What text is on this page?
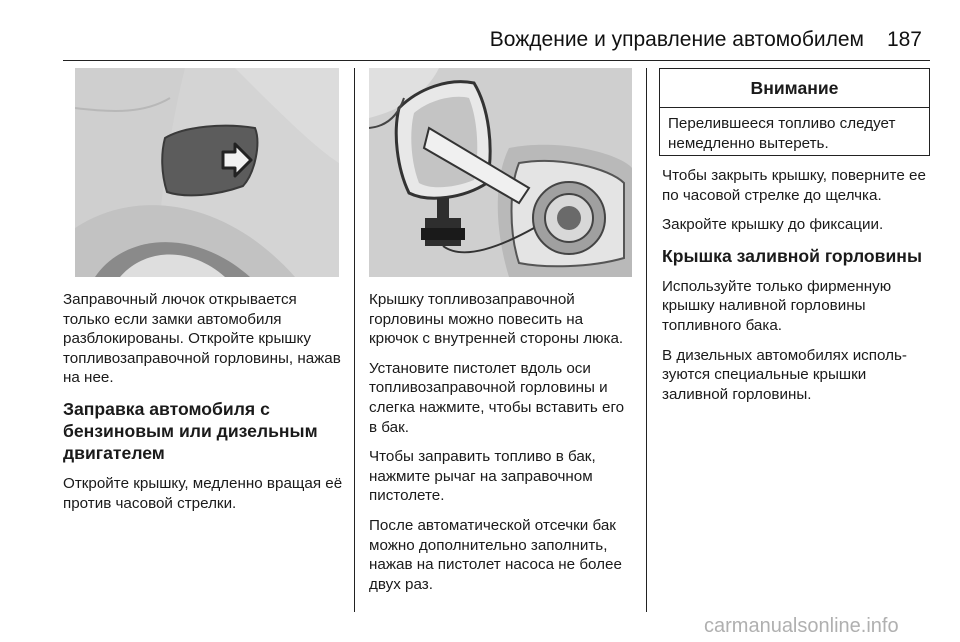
Вождение и управление автомобилем 187

Заправочный лючок открывается только если замки автомобиля разблокированы. Откройте крышку топливозаправочной горловины, нажав на нее.

Заправка автомобиля с бензиновым или дизельным двигателем

Откройте крышку, медленно вращая её против часовой стрелки.

Крышку топливозаправочной горловины можно повесить на крючок с внутренней стороны люка.

Установите пистолет вдоль оси топливозаправочной горловины и слегка нажмите, чтобы вставить его в бак.

Чтобы заправить топливо в бак, нажмите рычаг на заправочном пистолете.

После автоматической отсечки бак можно дополнительно заполнить, нажав на пистолет насоса не более двух раз.

Внимание
Перелившееся топливо следует немедленно вытереть.

Чтобы закрыть крышку, поверните ее по часовой стрелке до щелчка.

Закройте крышку до фиксации.

Крышка заливной горловины

Используйте только фирменную крышку наливной горловины топливного бака.

В дизельных автомобилях используются специальные крышки заливной горловины.

carmanualsonline.info
